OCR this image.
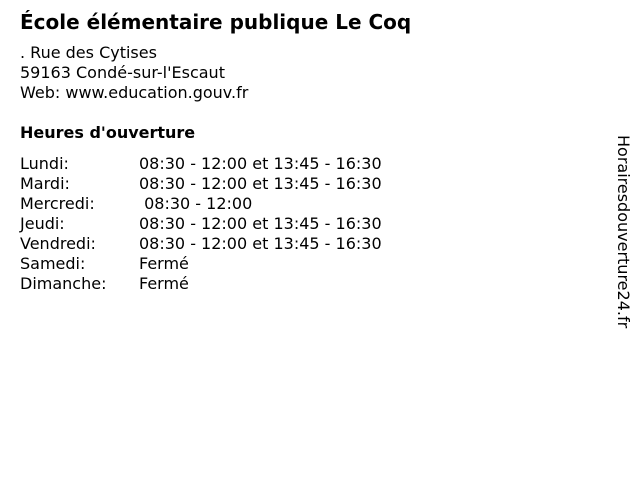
École élémentaire publique Le Coq
. Rue des Cytises
59163 Condé-sur-l'Escaut
Web: www.education.gouv.fr
Heures d'ouverture
Lundi:	08:30 - 12:00 et 13:45 - 16:30
Mardi:	08:30 - 12:00 et 13:45 - 16:30
Mercredi:	08:30 - 12:00
Jeudi:	08:30 - 12:00 et 13:45 - 16:30
Vendredi:	08:30 - 12:00 et 13:45 - 16:30
Samedi:	Fermé
Dimanche:	Fermé	Horairesdouverture24.fr
